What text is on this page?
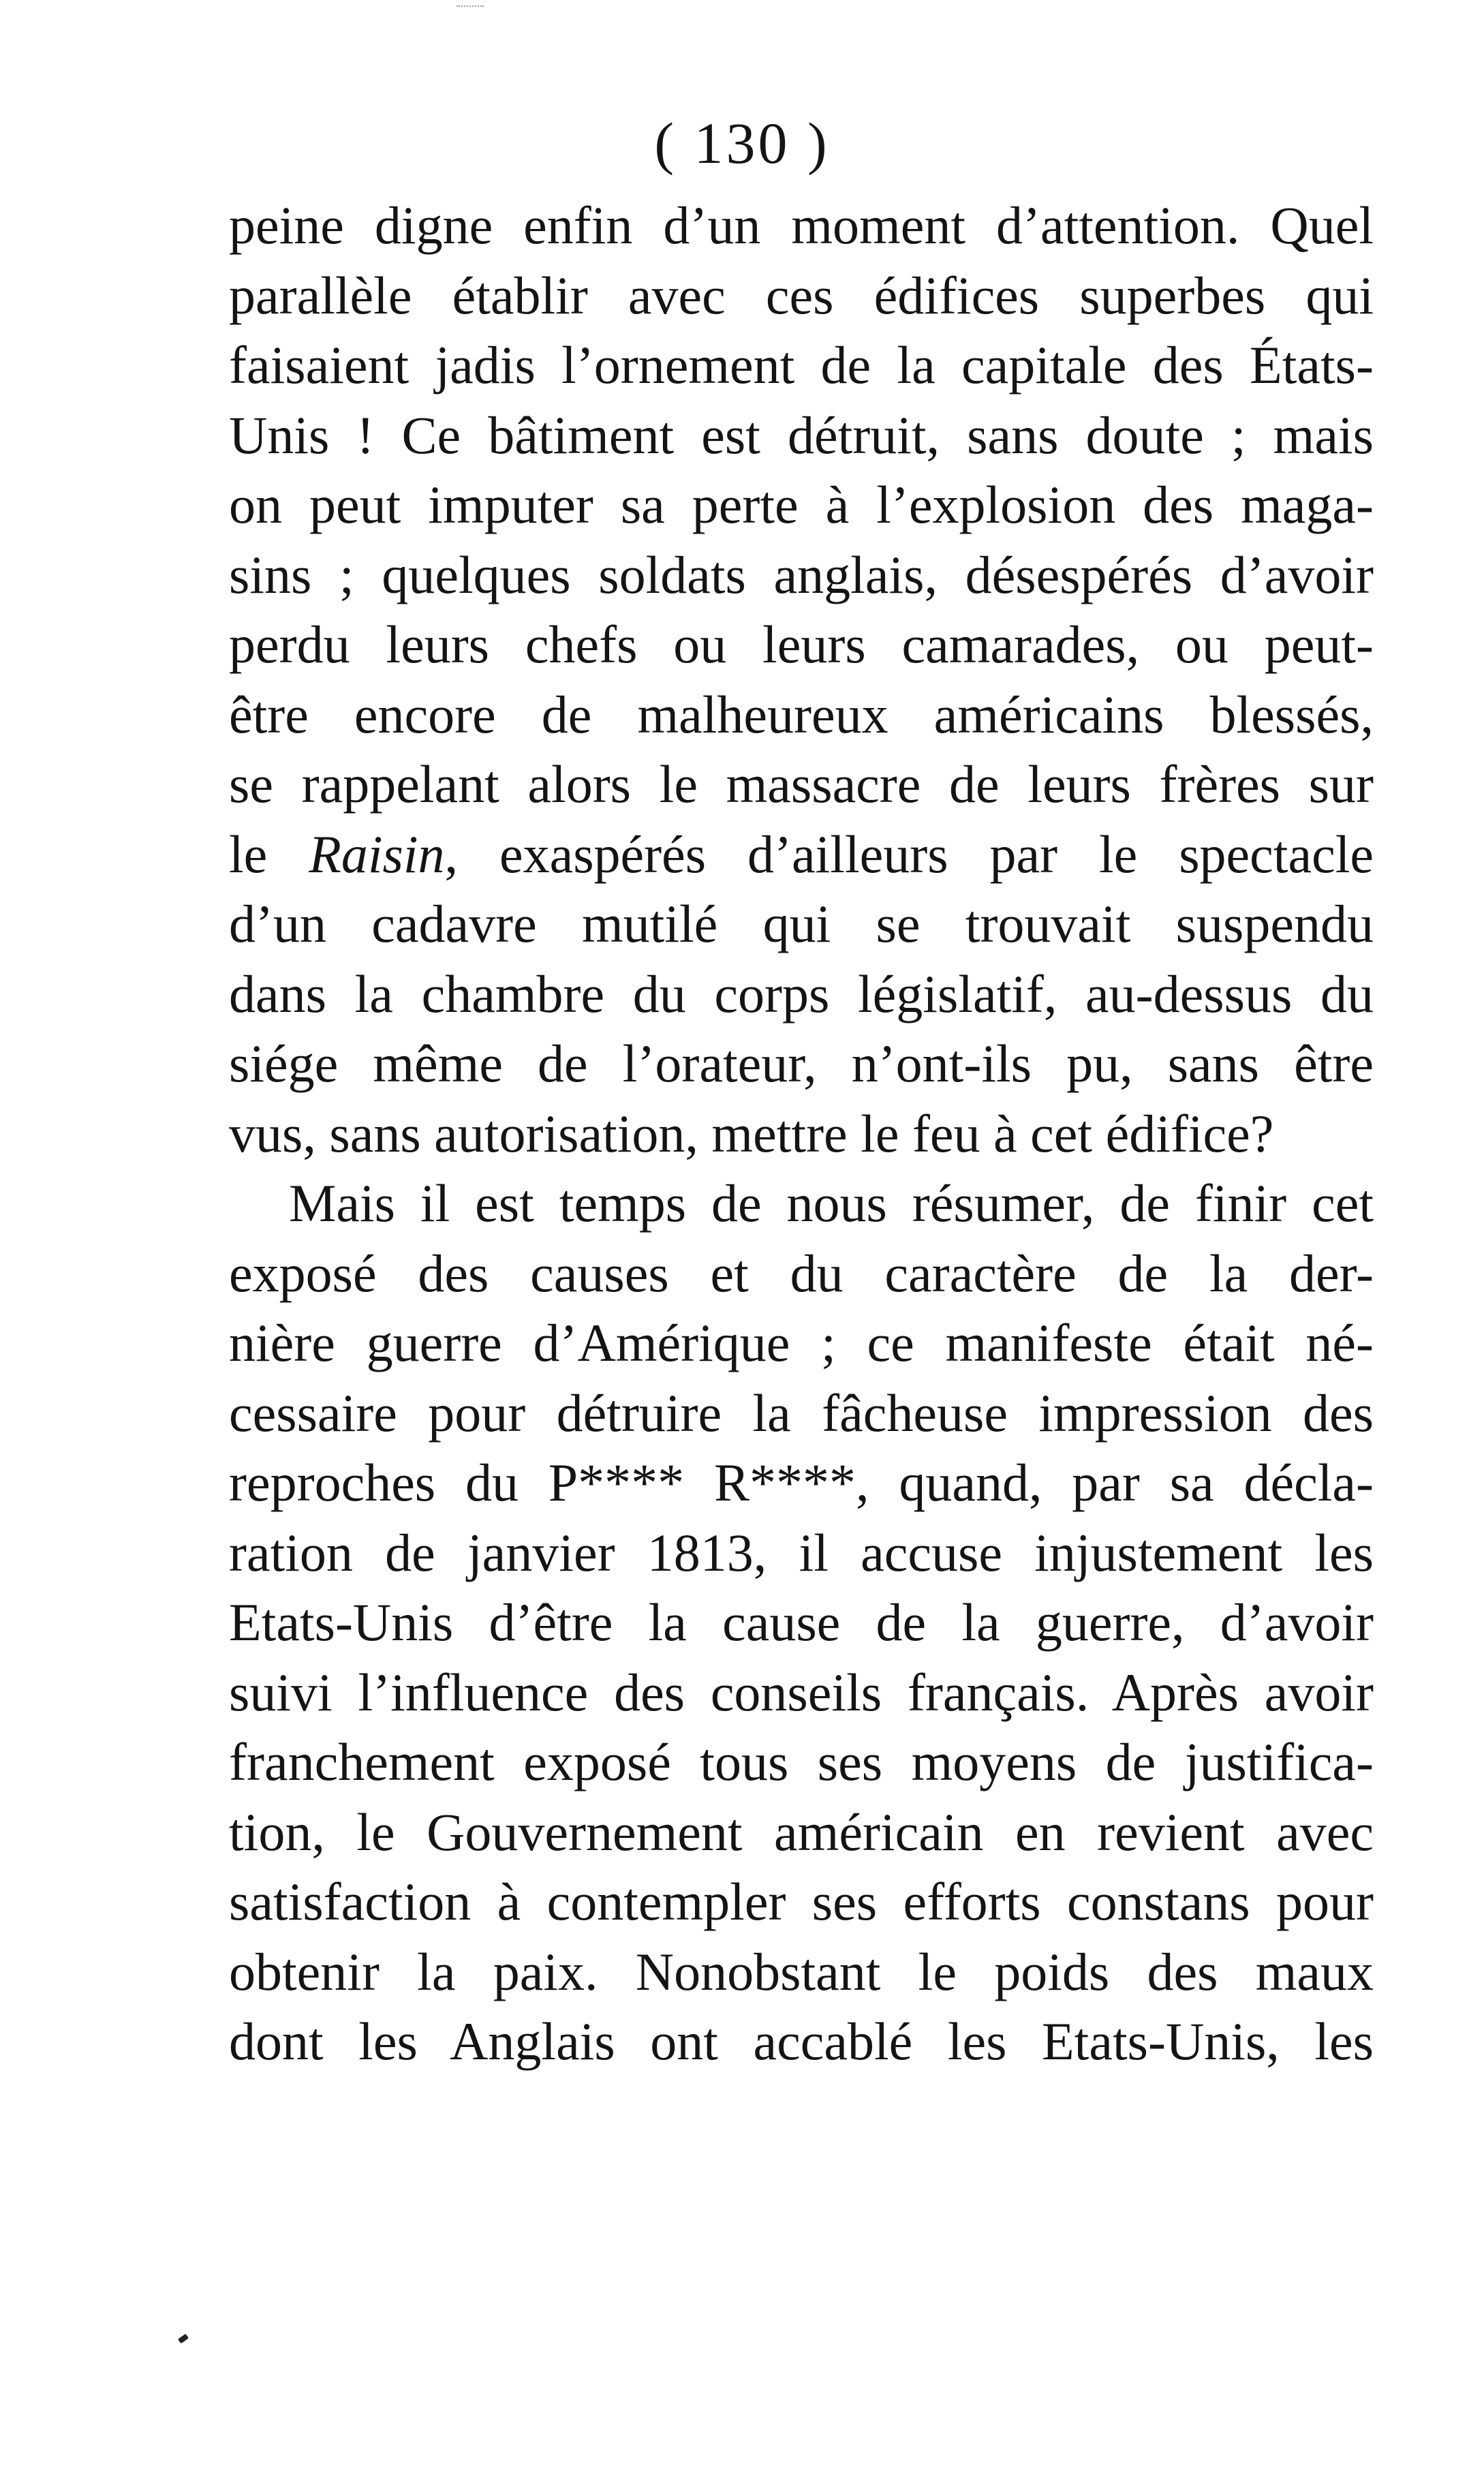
( 130 )
peine digne enfin d’un moment d’attention. Quel
parallèle établir avec ces édifices superbes qui
faisaient jadis l’ornement de la capitale des États-
Unis ! Ce bâtiment est détruit, sans doute ; mais
on peut imputer sa perte à l’explosion des maga-
sins ; quelques soldats anglais, désespérés d’avoir
perdu leurs chefs ou leurs camarades, ou peut-
être encore de malheureux américains blessés,
se rappelant alors le massacre de leurs frères sur
le Raisin, exaspérés d’ailleurs par le spectacle
d’un cadavre mutilé qui se trouvait suspendu
dans la chambre du corps législatif, au-dessus du
siége même de l’orateur, n’ont-ils pu, sans être
vus, sans autorisation, mettre le feu à cet édifice?
Mais il est temps de nous résumer, de finir cet
exposé des causes et du caractère de la der-
nière guerre d’Amérique ; ce manifeste était né-
cessaire pour détruire la fâcheuse impression des
reproches du P**** R****, quand, par sa décla-
ration de janvier 1813, il accuse injustement les
Etats-Unis d’être la cause de la guerre, d’avoir
suivi l’influence des conseils français. Après avoir
franchement exposé tous ses moyens de justifica-
tion, le Gouvernement américain en revient avec
satisfaction à contempler ses efforts constans pour
obtenir la paix. Nonobstant le poids des maux
dont les Anglais ont accablé les Etats-Unis, les
